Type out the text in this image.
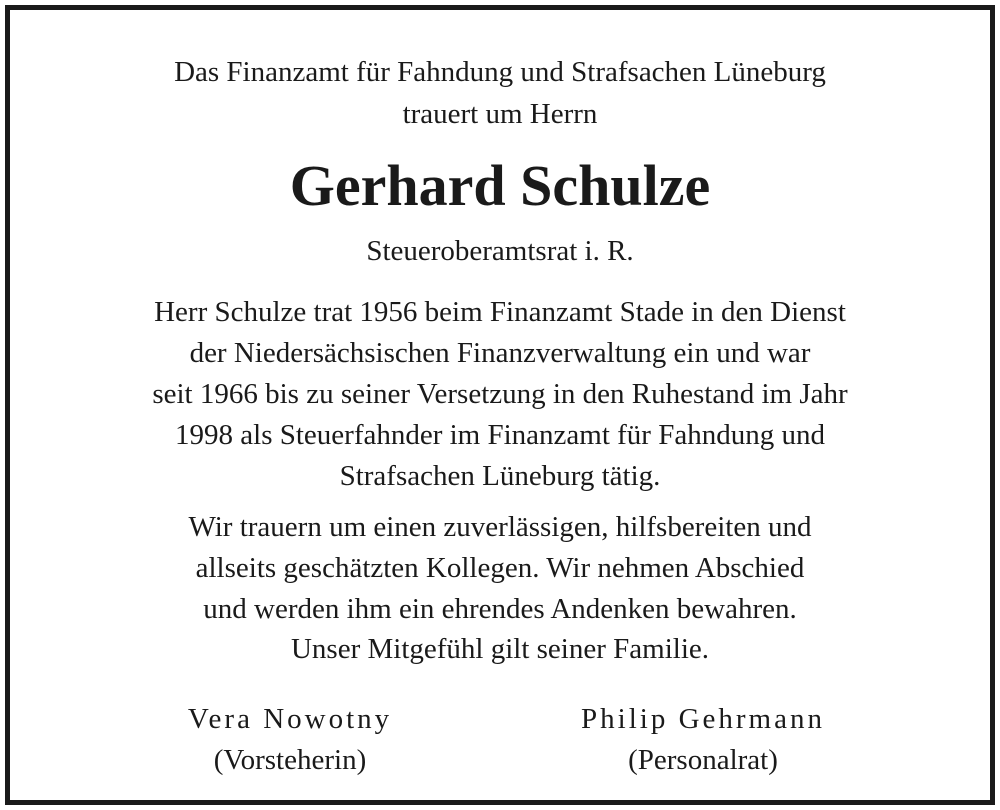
Das Finanzamt für Fahndung und Strafsachen Lüneburg
trauert um Herrn
Gerhard Schulze
Steueroberamtsrat i. R.
Herr Schulze trat 1956 beim Finanzamt Stade in den Dienst
der Niedersächsischen Finanzverwaltung ein und war
seit 1966 bis zu seiner Versetzung in den Ruhestand im Jahr
1998 als Steuerfahnder im Finanzamt für Fahndung und
Strafsachen Lüneburg tätig.
Wir trauern um einen zuverlässigen, hilfsbereiten und
allseits geschätzten Kollegen. Wir nehmen Abschied
und werden ihm ein ehrendes Andenken bewahren.
Unser Mitgefühl gilt seiner Familie.
Vera Nowotny
(Vorsteherin)
Philip Gehrmann
(Personalrat)
